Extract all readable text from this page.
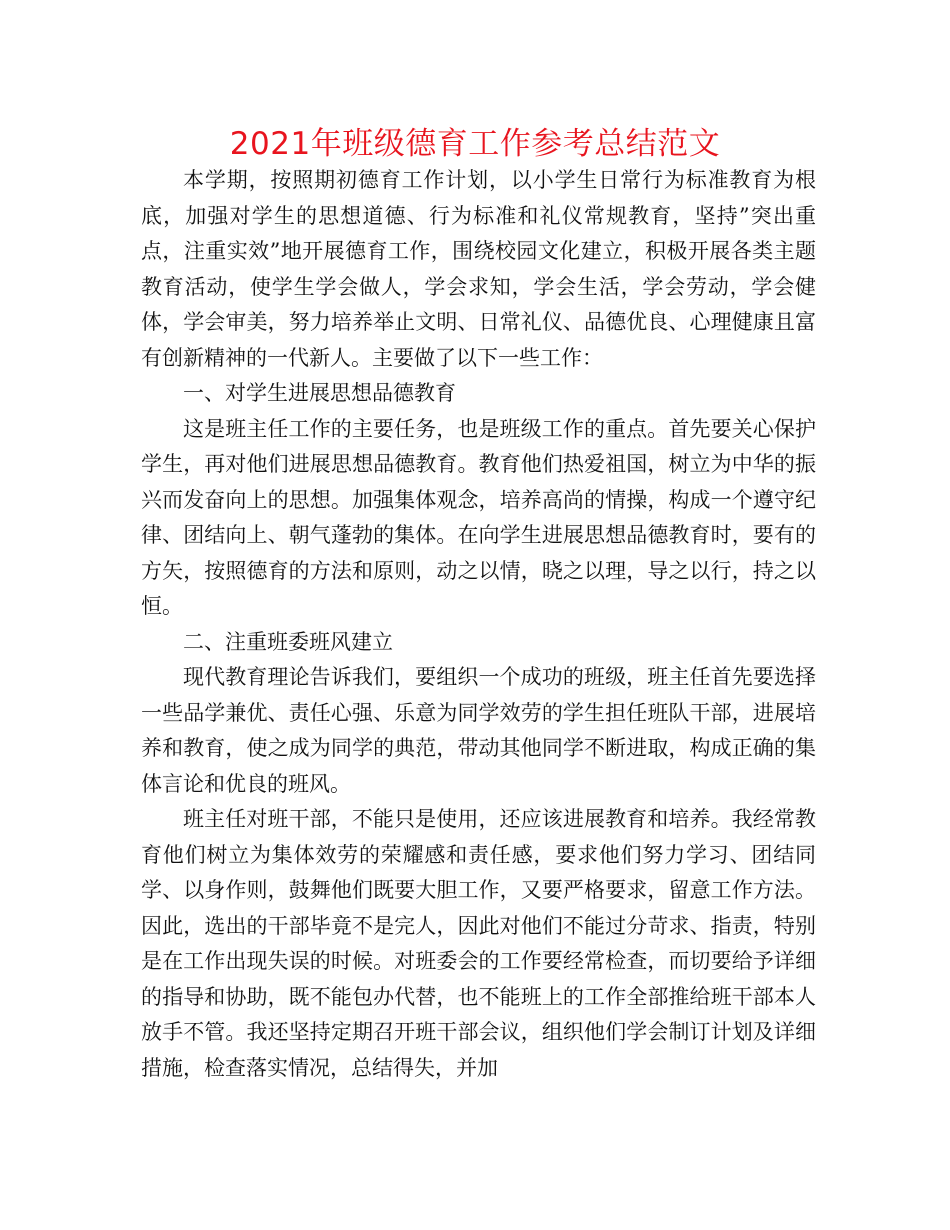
2021年班级德育工作参考总结范文

本学期，按照期初德育工作计划，以小学生日常行为标准教育为根底，加强对学生的思想道德、行为标准和礼仪常规教育，坚持”突出重点，注重实效”地开展德育工作，围绕校园文化建立，积极开展各类主题教育活动，使学生学会做人，学会求知，学会生活，学会劳动，学会健体，学会审美，努力培养举止文明、日常礼仪、品德优良、心理健康且富有创新精神的一代新人。主要做了以下一些工作：

一、对学生进展思想品德教育

这是班主任工作的主要任务，也是班级工作的重点。首先要关心保护学生，再对他们进展思想品德教育。教育他们热爱祖国，树立为中华的振兴而发奋向上的思想。加强集体观念，培养高尚的情操，构成一个遵守纪律、团结向上、朝气蓬勃的集体。在向学生进展思想品德教育时，要有的方矢，按照德育的方法和原则，动之以情，晓之以理，导之以行，持之以恒。

二、注重班委班风建立

现代教育理论告诉我们，要组织一个成功的班级，班主任首先要选择一些品学兼优、责任心强、乐意为同学效劳的学生担任班队干部，进展培养和教育，使之成为同学的典范，带动其他同学不断进取，构成正确的集体言论和优良的班风。

班主任对班干部，不能只是使用，还应该进展教育和培养。我经常教育他们树立为集体效劳的荣耀感和责任感，要求他们努力学习、团结同学、以身作则，鼓舞他们既要大胆工作，又要严格要求，留意工作方法。因此，选出的干部毕竟不是完人，因此对他们不能过分苛求、指责，特别是在工作出现失误的时候。对班委会的工作要经常检查，而切要给予详细的指导和协助，既不能包办代替，也不能班上的工作全部推给班干部本人放手不管。我还坚持定期召开班干部会议，组织他们学会制订计划及详细措施，检查落实情况，总结得失，并加
